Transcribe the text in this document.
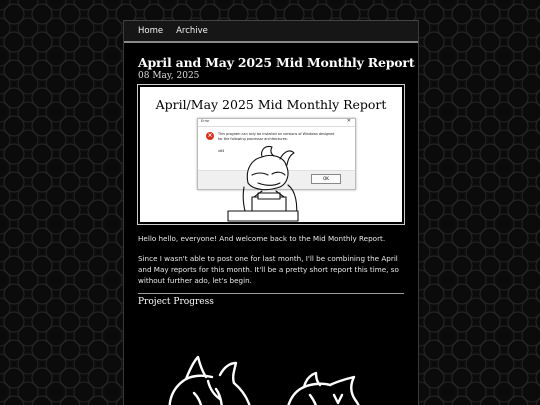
Home Archive
April and May 2025 Mid Monthly Report
08 May, 2025
April/May 2025 Mid Monthly Report
Error	✕
×	This program can only be installed on versions of Windows designed for the following processor architectures:
x64
OK

Hello hello, everyone! And welcome back to the Mid Monthly Report.

Since I wasn't able to post one for last month, I'll be combining the April and May reports for this month. It'll be a pretty short report this time, so without further ado, let's begin.

Project Progress
